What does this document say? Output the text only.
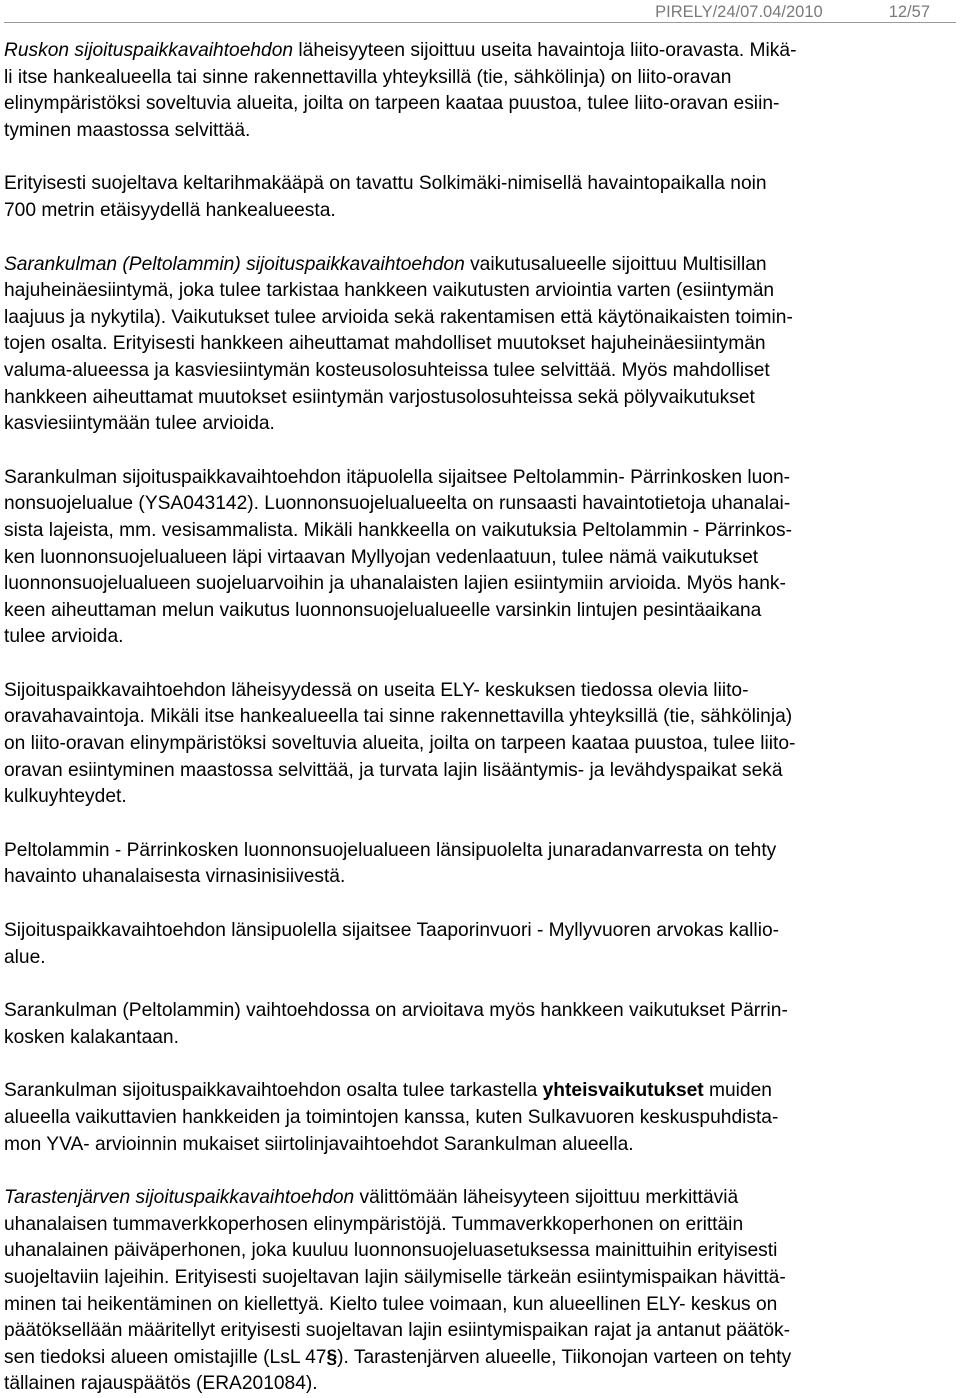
PIRELY/24/07.04/2010	12/57

Ruskon sijoituspaikkavaihtoehdon läheisyyteen sijoittuu useita havaintoja liito-oravasta. Mikä-
li itse hankealueella tai sinne rakennettavilla yhteyksillä (tie, sähkölinja) on liito-oravan
elinympäristöksi soveltuvia alueita, joilta on tarpeen kaataa puustoa, tulee liito-oravan esiin-
tyminen maastossa selvittää.

Erityisesti suojeltava keltarihmakääpä on tavattu Solkimäki-nimisellä havaintopaikalla noin
700 metrin etäisyydellä hankealueesta.

Sarankulman (Peltolammin) sijoituspaikkavaihtoehdon vaikutusalueelle sijoittuu Multisillan
hajuheinäesiintymä, joka tulee tarkistaa hankkeen vaikutusten arviointia varten (esiintymän
laajuus ja nykytila). Vaikutukset tulee arvioida sekä rakentamisen että käytönaikaisten toimin-
tojen osalta. Erityisesti hankkeen aiheuttamat mahdolliset muutokset hajuheinäesiintymän
valuma-alueessa ja kasviesiintymän kosteusolosuhteissa tulee selvittää. Myös mahdolliset
hankkeen aiheuttamat muutokset esiintymän varjostusolosuhteissa sekä pölyvaikutukset
kasviesiintymään tulee arvioida.

Sarankulman sijoituspaikkavaihtoehdon itäpuolella sijaitsee Peltolammin- Pärrinkosken luon-
nonsuojelualue (YSA043142). Luonnonsuojelualueelta on runsaasti havaintotietoja uhanalai-
sista lajeista, mm. vesisammalista. Mikäli hankkeella on vaikutuksia Peltolammin - Pärrinkos-
ken luonnonsuojelualueen läpi virtaavan Myllyojan vedenlaatuun, tulee nämä vaikutukset
luonnonsuojelualueen suojeluarvoihin ja uhanalaisten lajien esiintymiin arvioida. Myös hank-
keen aiheuttaman melun vaikutus luonnonsuojelualueelle varsinkin lintujen pesintäaikana
tulee arvioida.

Sijoituspaikkavaihtoehdon läheisyydessä on useita ELY- keskuksen tiedossa olevia liito-
oravahavaintoja. Mikäli itse hankealueella tai sinne rakennettavilla yhteyksillä (tie, sähkölinja)
on liito-oravan elinympäristöksi soveltuvia alueita, joilta on tarpeen kaataa puustoa, tulee liito-
oravan esiintyminen maastossa selvittää, ja turvata lajin lisääntymis- ja levähdyspaikat sekä
kulkuyhteydet.

Peltolammin - Pärrinkosken luonnonsuojelualueen länsipuolelta junaradanvarresta on tehty
havainto uhanalaisesta virnasinisiivestä.

Sijoituspaikkavaihtoehdon länsipuolella sijaitsee Taaporinvuori - Myllyvuoren arvokas kallio-
alue.

Sarankulman (Peltolammin) vaihtoehdossa on arvioitava myös hankkeen vaikutukset Pärrin-
kosken kalakantaan.

Sarankulman sijoituspaikkavaihtoehdon osalta tulee tarkastella yhteisvaikutukset muiden
alueella vaikuttavien hankkeiden ja toimintojen kanssa, kuten Sulkavuoren keskuspuhdista-
mon YVA- arvioinnin mukaiset siirtolinjavaihtoehdot Sarankulman alueella.

Tarastenjärven sijoituspaikkavaihtoehdon välittömään läheisyyteen sijoittuu merkittäviä
uhanalaisen tummaverkkoperhosen elinympäristöjä. Tummaverkkoperhonen on erittäin
uhanalainen päiväperhonen, joka kuuluu luonnonsuojeluasetuksessa mainittuihin erityisesti
suojeltaviin lajeihin. Erityisesti suojeltavan lajin säilymiselle tärkeän esiintymispaikan hävittä-
minen tai heikentäminen on kiellettyä. Kielto tulee voimaan, kun alueellinen ELY- keskus on
päätöksellään määritellyt erityisesti suojeltavan lajin esiintymispaikan rajat ja antanut päätök-
sen tiedoksi alueen omistajille (LsL 47§). Tarastenjärven alueelle, Tiikonojan varteen on tehty
tällainen rajauspäätös (ERA201084).
